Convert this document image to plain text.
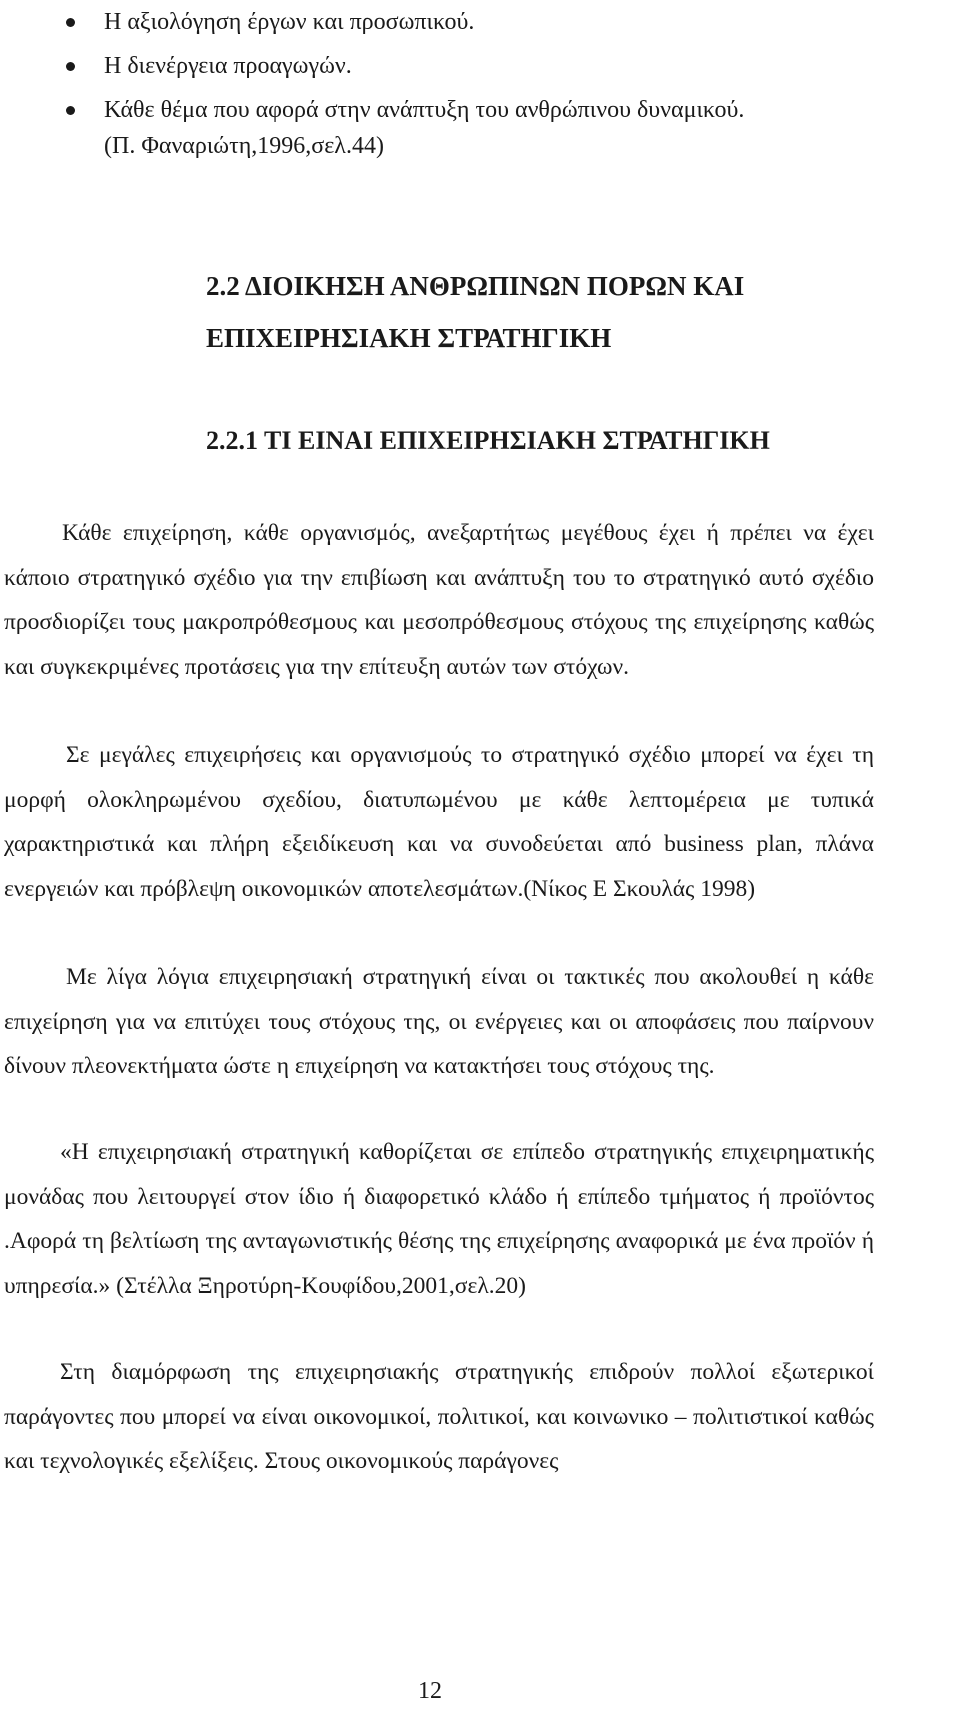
Η αξιολόγηση έργων και προσωπικού.
Η διενέργεια προαγωγών.
Κάθε θέμα που αφορά στην ανάπτυξη του ανθρώπινου δυναμικού.
(Π. Φαναριώτη,1996,σελ.44)
2.2 ΔΙΟΙΚΗΣΗ ΑΝΘΡΩΠΙΝΩΝ ΠΟΡΩΝ ΚΑΙ
ΕΠΙΧΕΙΡΗΣΙΑΚΗ ΣΤΡΑΤΗΓΙΚΗ
2.2.1 ΤΙ ΕΙΝΑΙ ΕΠΙΧΕΙΡΗΣΙΑΚΗ ΣΤΡΑΤΗΓΙΚΗ

Κάθε επιχείρηση, κάθε οργανισμός, ανεξαρτήτως μεγέθους έχει ή πρέπει να έχει κάποιο στρατηγικό σχέδιο για την επιβίωση και ανάπτυξη του το στρατηγικό αυτό σχέδιο προσδιορίζει τους μακροπρόθεσμους και μεσοπρόθεσμους στόχους της επιχείρησης καθώς και συγκεκριμένες προτάσεις για την επίτευξη αυτών των στόχων.

Σε μεγάλες επιχειρήσεις και οργανισμούς το στρατηγικό σχέδιο μπορεί να έχει τη μορφή ολοκληρωμένου σχεδίου, διατυπωμένου με κάθε λεπτομέρεια με τυπικά χαρακτηριστικά και πλήρη εξειδίκευση και να συνοδεύεται από business plan, πλάνα ενεργειών και πρόβλεψη οικονομικών αποτελεσμάτων.(Νίκος Ε Σκουλάς 1998)

Με λίγα λόγια επιχειρησιακή στρατηγική είναι οι τακτικές που ακολουθεί η κάθε επιχείρηση για να επιτύχει τους στόχους της, οι ενέργειες και οι αποφάσεις που παίρνουν δίνουν πλεονεκτήματα ώστε η επιχείρηση να κατακτήσει τους στόχους της.

«Η επιχειρησιακή στρατηγική καθορίζεται σε επίπεδο στρατηγικής επιχειρηματικής μονάδας που λειτουργεί στον ίδιο ή διαφορετικό κλάδο ή επίπεδο τμήματος ή προϊόντος .Αφορά τη βελτίωση της ανταγωνιστικής θέσης της επιχείρησης αναφορικά με ένα προϊόν ή υπηρεσία.» (Στέλλα Ξηροτύρη-Κουφίδου,2001,σελ.20)

Στη διαμόρφωση της επιχειρησιακής στρατηγικής επιδρούν πολλοί εξωτερικοί παράγοντες που μπορεί να είναι οικονομικοί, πολιτικοί, και κοινωνικο – πολιτιστικοί καθώς και τεχνολογικές εξελίξεις. Στους οικονομικούς παράγονες

12
